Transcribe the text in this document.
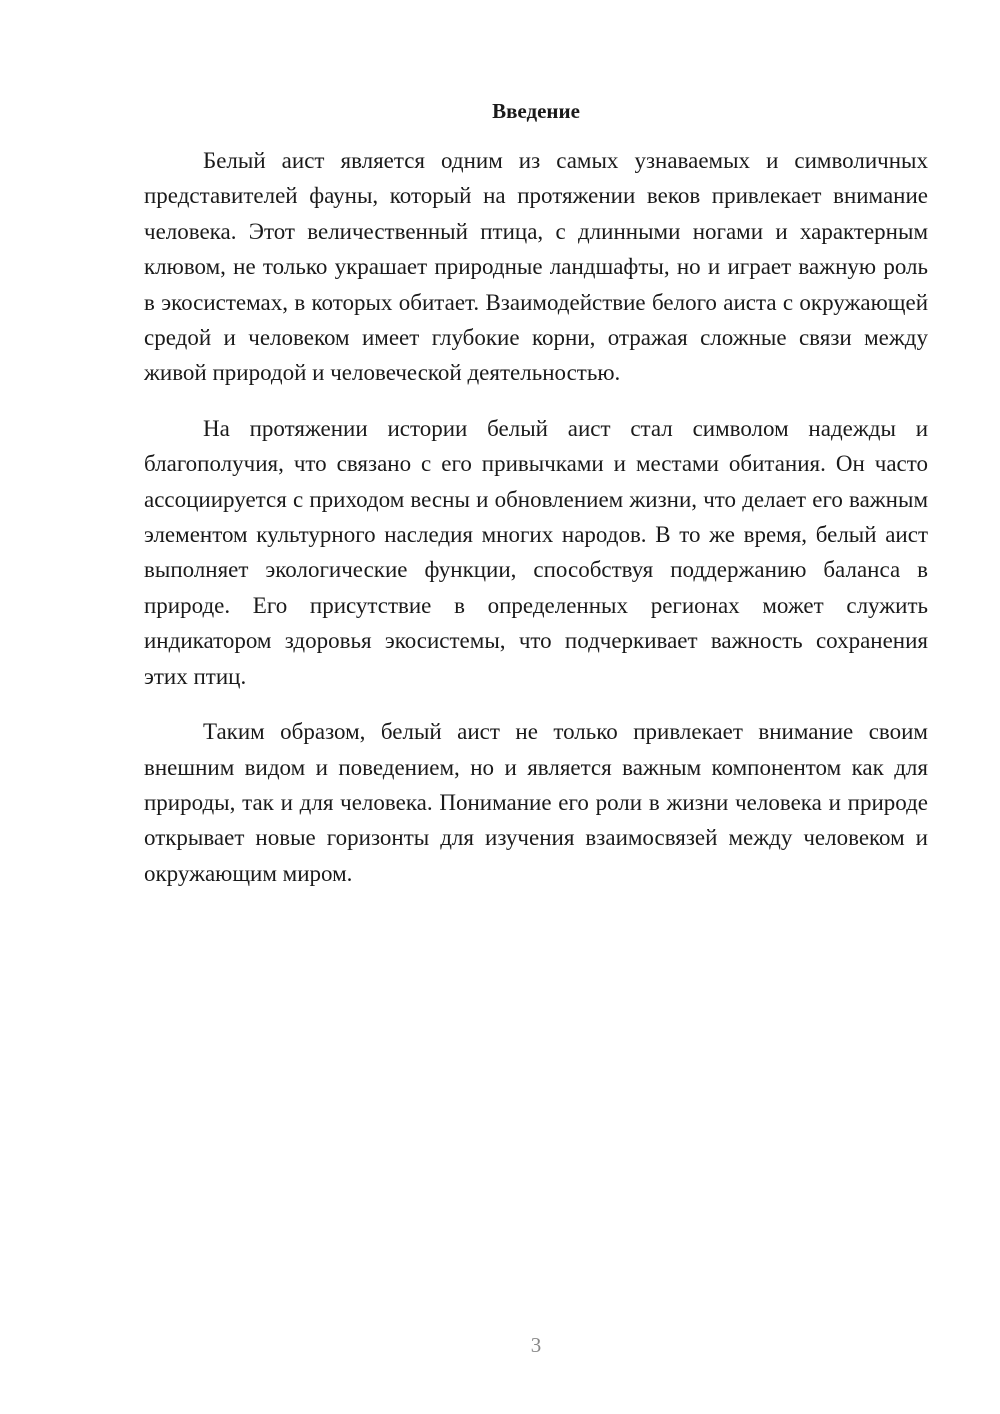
Введение

Белый аист является одним из самых узнаваемых и символичных представителей фауны, который на протяжении веков привлекает внимание человека. Этот величественный птица, с длинными ногами и характерным клювом, не только украшает природные ландшафты, но и играет важную роль в экосистемах, в которых обитает. Взаимодействие белого аиста с окружающей средой и человеком имеет глубокие корни, отражая сложные связи между живой природой и человеческой деятельностью.

На протяжении истории белый аист стал символом надежды и благополучия, что связано с его привычками и местами обитания. Он часто ассоциируется с приходом весны и обновлением жизни, что делает его важным элементом культурного наследия многих народов. В то же время, белый аист выполняет экологические функции, способствуя поддержанию баланса в природе. Его присутствие в определенных регионах может служить индикатором здоровья экосистемы, что подчеркивает важность сохранения этих птиц.

Таким образом, белый аист не только привлекает внимание своим внешним видом и поведением, но и является важным компонентом как для природы, так и для человека. Понимание его роли в жизни человека и природе открывает новые горизонты для изучения взаимосвязей между человеком и окружающим миром.

3
